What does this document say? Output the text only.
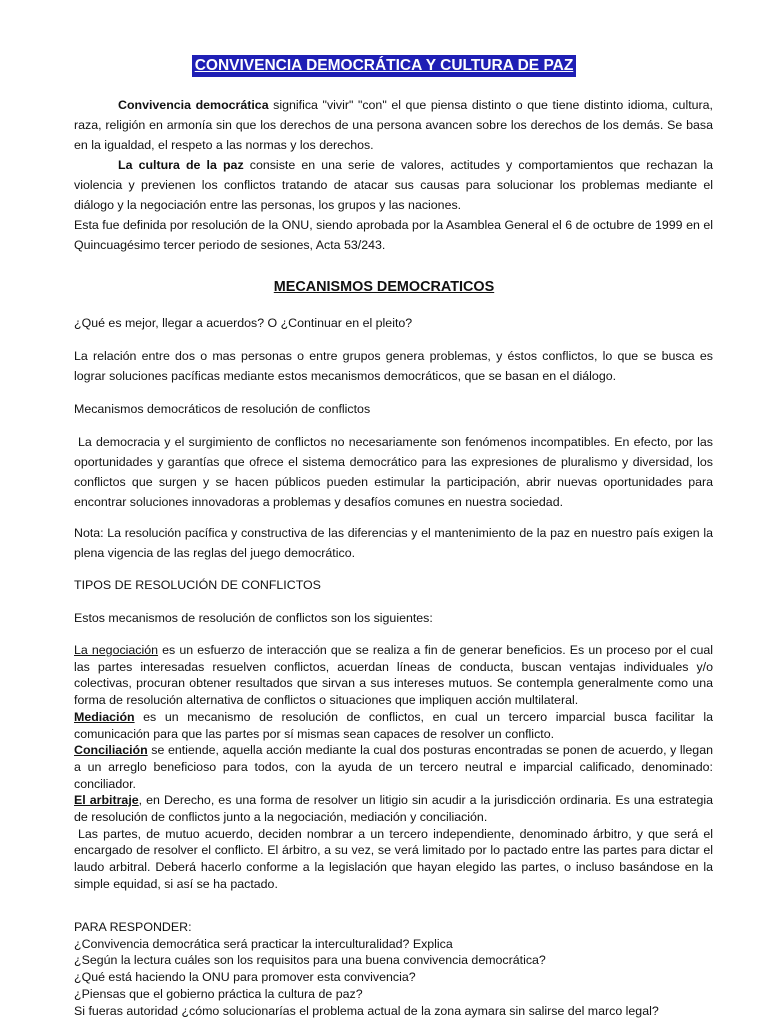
CONVIVENCIA DEMOCRÁTICA Y CULTURA DE PAZ

Convivencia democrática significa "vivir" "con" el que piensa distinto o que tiene distinto idioma, cultura, raza, religión en armonía sin que los derechos de una persona avancen sobre los derechos de los demás. Se basa en la igualdad, el respeto a las normas y los derechos.

La cultura de la paz consiste en una serie de valores, actitudes y comportamientos que rechazan la violencia y previenen los conflictos tratando de atacar sus causas para solucionar los problemas mediante el diálogo y la negociación entre las personas, los grupos y las naciones.

Esta fue definida por resolución de la ONU, siendo aprobada por la Asamblea General el 6 de octubre de 1999 en el Quincuagésimo tercer periodo de sesiones, Acta 53/243.

MECANISMOS DEMOCRATICOS

¿Qué es mejor, llegar a acuerdos? O ¿Continuar en el pleito?

La relación entre dos o mas personas o entre grupos genera problemas, y éstos conflictos, lo que se busca es lograr soluciones pacíficas mediante estos mecanismos democráticos, que se basan en el diálogo.

Mecanismos democráticos de resolución de conflictos

La democracia y el surgimiento de conflictos no necesariamente son fenómenos incompatibles. En efecto, por las oportunidades y garantías que ofrece el sistema democrático para las expresiones de pluralismo y diversidad, los conflictos que surgen y se hacen públicos pueden estimular la participación, abrir nuevas oportunidades para encontrar soluciones innovadoras a problemas y desafíos comunes en nuestra sociedad.

Nota: La resolución pacífica y constructiva de las diferencias y el mantenimiento de la paz en nuestro país exigen la plena vigencia de las reglas del juego democrático.

TIPOS DE RESOLUCIÓN DE CONFLICTOS

Estos mecanismos de resolución de conflictos son los siguientes:

La negociación es un esfuerzo de interacción que se realiza a fin de generar beneficios. Es un proceso por el cual las partes interesadas resuelven conflictos, acuerdan líneas de conducta, buscan ventajas individuales y/o colectivas, procuran obtener resultados que sirvan a sus intereses mutuos. Se contempla generalmente como una forma de resolución alternativa de conflictos o situaciones que impliquen acción multilateral.

Mediación es un mecanismo de resolución de conflictos, en cual un tercero imparcial busca facilitar la comunicación para que las partes por sí mismas sean capaces de resolver un conflicto.

Conciliación se entiende, aquella acción mediante la cual dos posturas encontradas se ponen de acuerdo, y llegan a un arreglo beneficioso para todos, con la ayuda de un tercero neutral e imparcial calificado, denominado: conciliador.

El arbitraje, en Derecho, es una forma de resolver un litigio sin acudir a la jurisdicción ordinaria. Es una estrategia de resolución de conflictos junto a la negociación, mediación y conciliación.

Las partes, de mutuo acuerdo, deciden nombrar a un tercero independiente, denominado árbitro, y que será el encargado de resolver el conflicto. El árbitro, a su vez, se verá limitado por lo pactado entre las partes para dictar el laudo arbitral. Deberá hacerlo conforme a la legislación que hayan elegido las partes, o incluso basándose en la simple equidad, si así se ha pactado.

PARA RESPONDER:

¿Convivencia democrática será practicar la interculturalidad? Explica

¿Según la lectura cuáles son los requisitos para una buena convivencia democrática?

¿Qué está haciendo la ONU para promover esta convivencia?

¿Piensas que el gobierno práctica la cultura de paz?

Si fueras autoridad ¿cómo solucionarías el problema actual de la zona aymara sin salirse del marco legal?
